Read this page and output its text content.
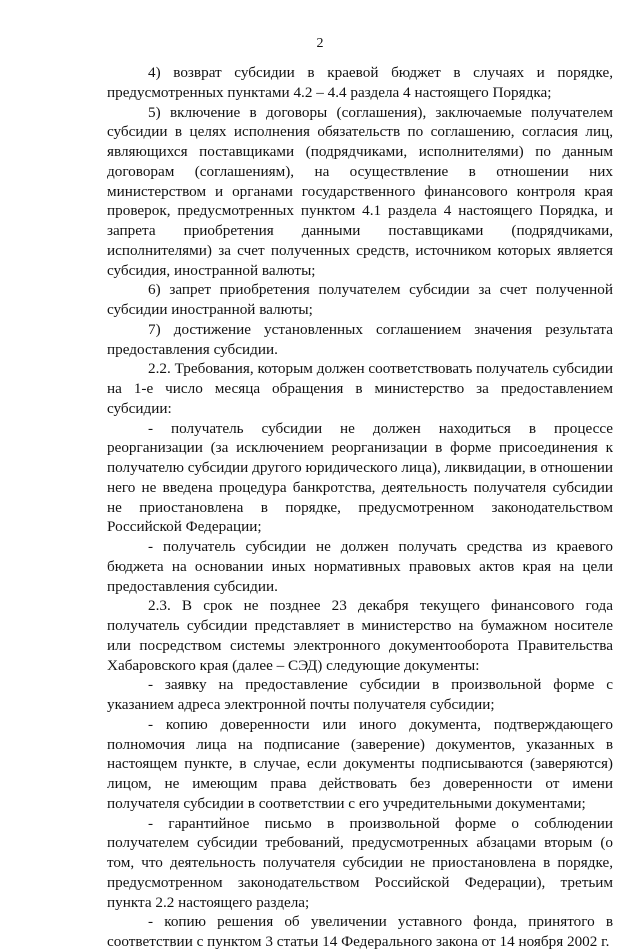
2

4) возврат субсидии в краевой бюджет в случаях и порядке, предусмотренных пунктами 4.2 – 4.4 раздела 4 настоящего Порядка;

5) включение в договоры (соглашения), заключаемые получателем субсидии в целях исполнения обязательств по соглашению, согласия лиц, являющихся поставщиками (подрядчиками, исполнителями) по данным договорам (соглашениям), на осуществление в отношении них министерством и органами государственного финансового контроля края проверок, предусмотренных пунктом 4.1 раздела 4 настоящего Порядка, и запрета приобретения данными поставщиками (подрядчиками, исполнителями) за счет полученных средств, источником которых является субсидия, иностранной валюты;

6) запрет приобретения получателем субсидии за счет полученной субсидии иностранной валюты;

7) достижение установленных соглашением значения результата предоставления субсидии.

2.2. Требования, которым должен соответствовать получатель субсидии на 1-е число месяца обращения в министерство за предоставлением субсидии:

- получатель субсидии не должен находиться в процессе реорганизации (за исключением реорганизации в форме присоединения к получателю субсидии другого юридического лица), ликвидации, в отношении него не введена процедура банкротства, деятельность получателя субсидии не приостановлена в порядке, предусмотренном законодательством Российской Федерации;

- получатель субсидии не должен получать средства из краевого бюджета на основании иных нормативных правовых актов края на цели предоставления субсидии.

2.3. В срок не позднее 23 декабря текущего финансового года получатель субсидии представляет в министерство на бумажном носителе или посредством системы электронного документооборота Правительства Хабаровского края (далее – СЭД) следующие документы:

- заявку на предоставление субсидии в произвольной форме с указанием адреса электронной почты получателя субсидии;

- копию доверенности или иного документа, подтверждающего полномочия лица на подписание (заверение) документов, указанных в настоящем пункте, в случае, если документы подписываются (заверяются) лицом, не имеющим права действовать без доверенности от имени получателя субсидии в соответствии с его учредительными документами;

- гарантийное письмо в произвольной форме о соблюдении получателем субсидии требований, предусмотренных абзацами вторым (о том, что деятельность получателя субсидии не приостановлена в порядке, предусмотренном законодательством Российской Федерации), третьим пункта 2.2 настоящего раздела;

- копию решения об увеличении уставного фонда, принятого в соответствии с пунктом 3 статьи 14 Федерального закона от 14 ноября 2002 г.
